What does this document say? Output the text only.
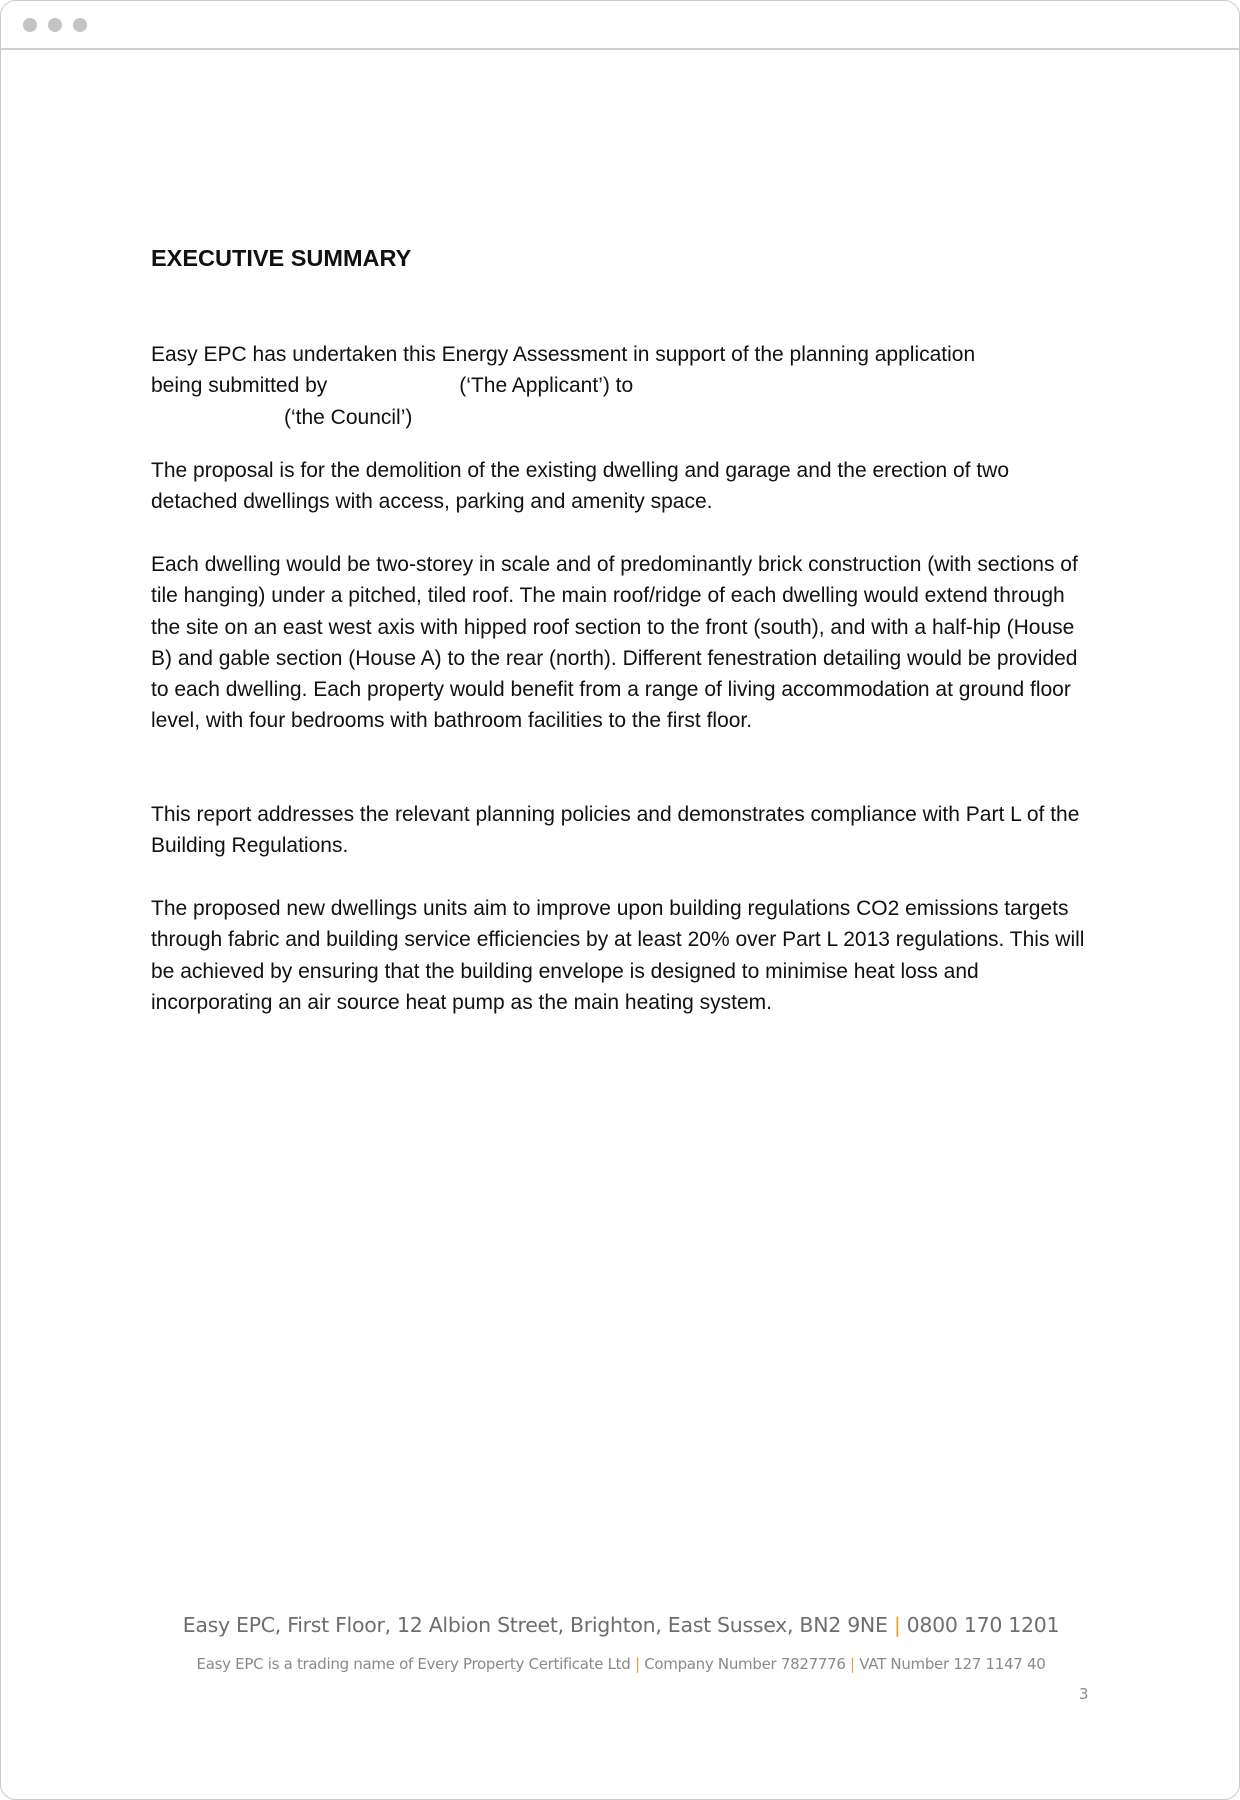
EXECUTIVE SUMMARY

Easy EPC has undertaken this Energy Assessment in support of the planning application
being submitted by	(‘The Applicant’) to
(‘the Council’)

The proposal is for the demolition of the existing dwelling and garage and the erection of two detached dwellings with access, parking and amenity space.

Each dwelling would be two-storey in scale and of predominantly brick construction (with sections of tile hanging) under a pitched, tiled roof. The main roof/ridge of each dwelling would extend through the site on an east west axis with hipped roof section to the front (south), and with a half-hip (House B) and gable section (House A) to the rear (north). Different fenestration detailing would be provided to each dwelling. Each property would benefit from a range of living accommodation at ground floor level, with four bedrooms with bathroom facilities to the first floor.

This report addresses the relevant planning policies and demonstrates compliance with Part L of the Building Regulations.

The proposed new dwellings units aim to improve upon building regulations CO2 emissions targets through fabric and building service efficiencies by at least 20% over Part L 2013 regulations. This will be achieved by ensuring that the building envelope is designed to minimise heat loss and incorporating an air source heat pump as the main heating system.

Easy EPC, First Floor, 12 Albion Street, Brighton, East Sussex, BN2 9NE | 0800 170 1201
Easy EPC is a trading name of Every Property Certificate Ltd | Company Number 7827776 | VAT Number 127 1147 40
3
